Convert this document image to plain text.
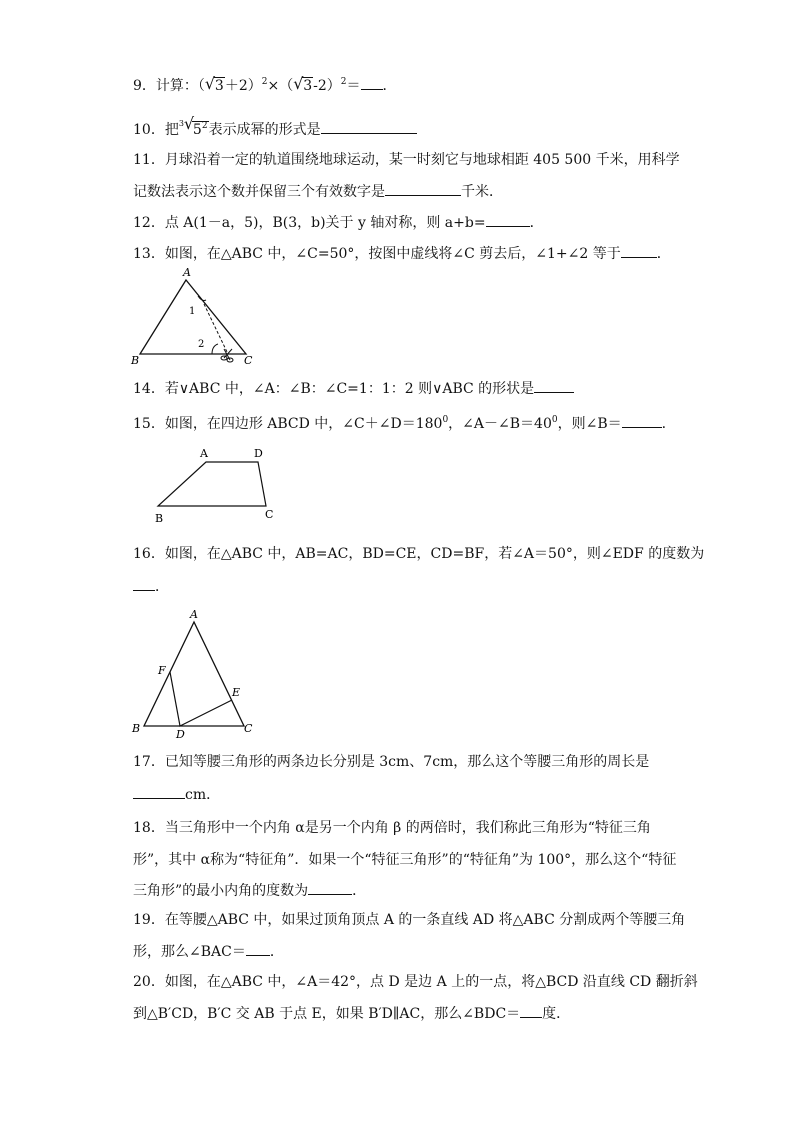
9．计算：（ √ 3＋2）$^2$×（ √ 3-2）$^2$＝ ．
10．把$^3$ √
$5^2$表示成幂的形式是
11．月球沿着一定的轨道围绕地球运动，某一时刻它与地球相距 405 500 千米，用科学
记数法表示这个数并保留三个有效数字是	千米．
12．点 A(1－a，5)，B(3，b)关于 y 轴对称，则 a+b=	．
13．如图，在△ABC 中，∠C=50°，按图中虚线将∠C 剪去后，∠1+∠2 等于	．
A
B	C
1
2
14．若∨ABC 中，∠A：∠B：∠C=1：1：2 则∨ABC 的形状是
15．如图，在四边形 ABCD 中，$\angle C+\angle D=180^0$，$\angle A-\angle B=40^0$，则∠B＝	.
A	D
B	C
16．如图，在△ABC 中，AB=AC，BD=CE，CD=BF，若∠A＝50°，则∠EDF 的度数为
．
A
F
E
B	D	C
17．已知等腰三角形的两条边长分别是 3cm、7cm，那么这个等腰三角形的周长是
cm．
18．当三角形中一个内角 α是另一个内角 β 的两倍时，我们称此三角形为“特征三角
形”，其中 α称为“特征角”．如果一个“特征三角形”的“特征角”为 100°，那么这个“特征
三角形”的最小内角的度数为	．
19．在等腰△ABC 中，如果过顶角顶点 A 的一条直线 AD 将△ABC 分割成两个等腰三角
形，那么∠BAC＝ ．
20．如图，在△ABC 中，∠A＝42°，点 D 是边 A 上的一点，将△BCD 沿直线 CD 翻折斜
到△B′CD，B′C 交 AB 于点 E，如果 B′D∥AC，那么∠BDC＝ 度．
